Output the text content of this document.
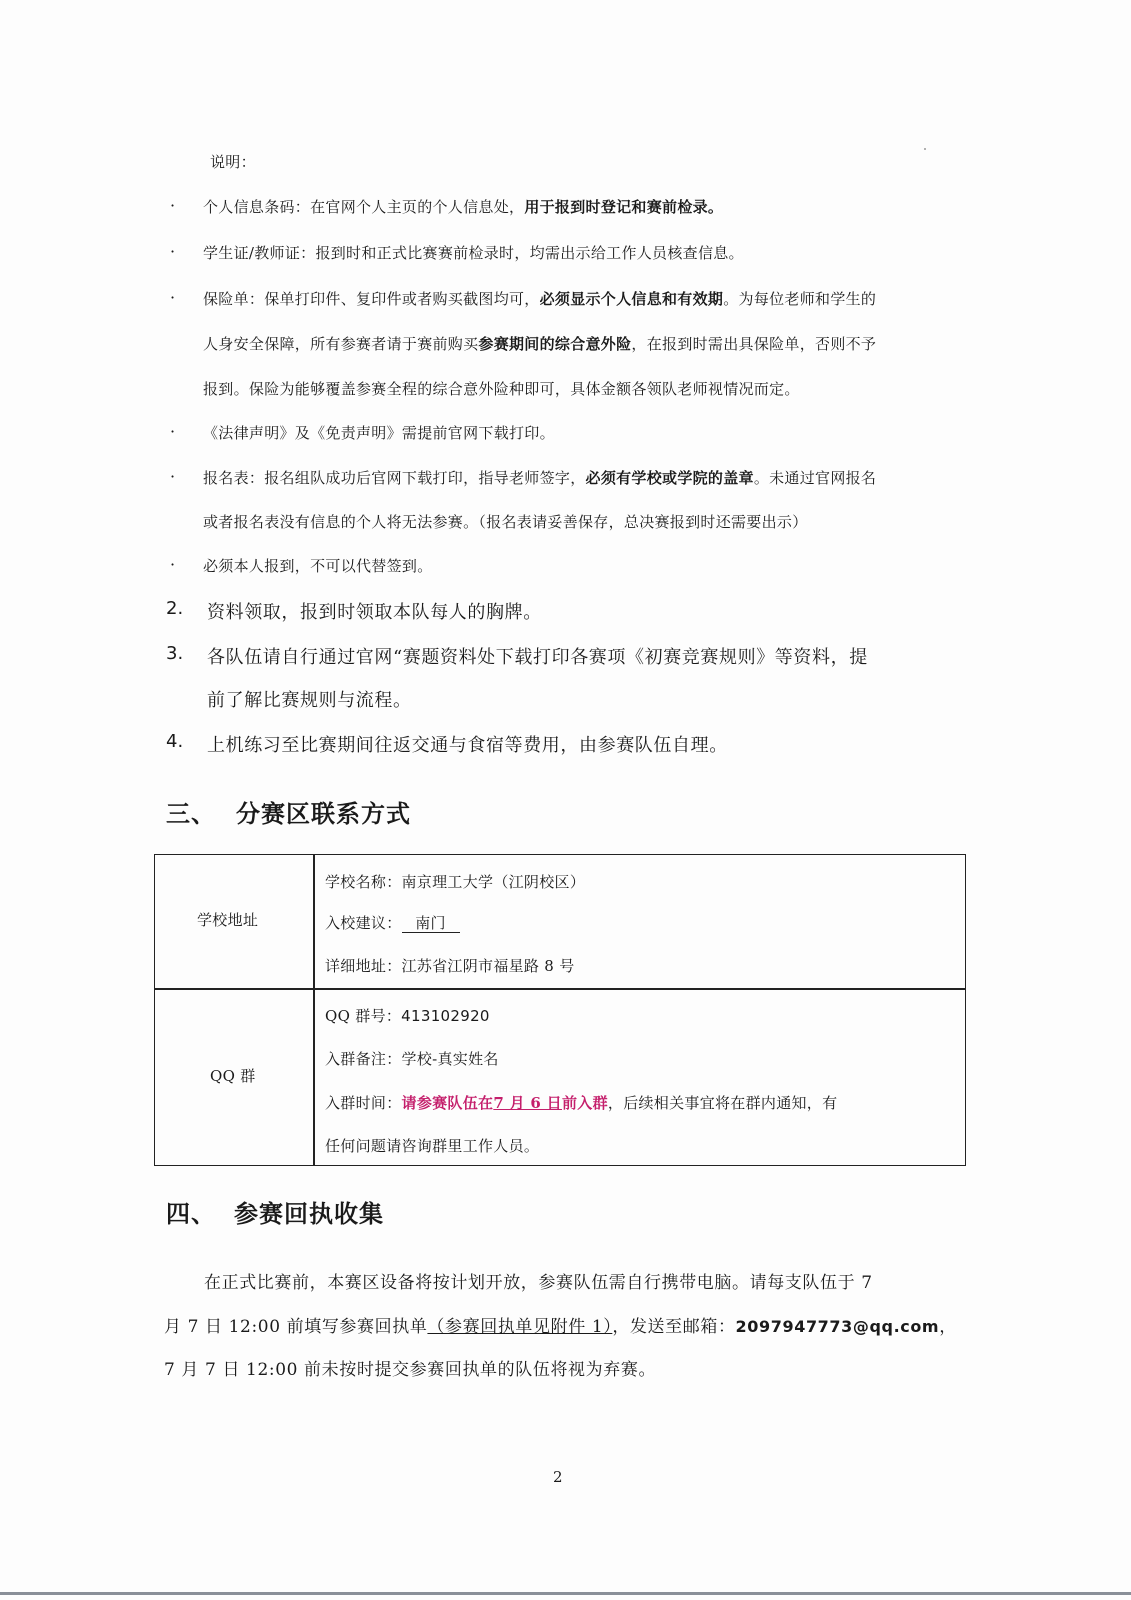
说明：
· 个人信息条码：在官网个人主页的个人信息处，用于报到时登记和赛前检录。
· 学生证/教师证：报到时和正式比赛赛前检录时，均需出示给工作人员核查信息。
· 保险单：保单打印件、复印件或者购买截图均可，必须显示个人信息和有效期。为每位老师和学生的
人身安全保障，所有参赛者请于赛前购买参赛期间的综合意外险，在报到时需出具保险单，否则不予
报到。保险为能够覆盖参赛全程的综合意外险种即可，具体金额各领队老师视情况而定。
· 《法律声明》及《免责声明》需提前官网下载打印。
· 报名表：报名组队成功后官网下载打印，指导老师签字，必须有学校或学院的盖章。未通过官网报名
或者报名表没有信息的个人将无法参赛。（报名表请妥善保存，总决赛报到时还需要出示）
· 必须本人报到，不可以代替签到。
2. 资料领取，报到时领取本队每人的胸牌。
3. 各队伍请自行通过官网“赛题资料处下载打印各赛项《初赛竞赛规则》等资料，提
前了解比赛规则与流程。
4. 上机练习至比赛期间往返交通与食宿等费用，由参赛队伍自理。
三、 分赛区联系方式
学校地址
学校名称：南京理工大学（江阴校区）
入校建议： 南门
详细地址：江苏省江阴市福星路 8 号
QQ 群
QQ 群号：413102920
入群备注：学校-真实姓名
入群时间：请参赛队伍在7 月 6 日前入群，后续相关事宜将在群内通知，有
任何问题请咨询群里工作人员。
四、 参赛回执收集
在正式比赛前，本赛区设备将按计划开放，参赛队伍需自行携带电脑。请每支队伍于 7
月 7 日 12:00 前填写参赛回执单（参赛回执单见附件 1），发送至邮箱：2097947773@qq.com，
7 月 7 日 12:00 前未按时提交参赛回执单的队伍将视为弃赛。
2
